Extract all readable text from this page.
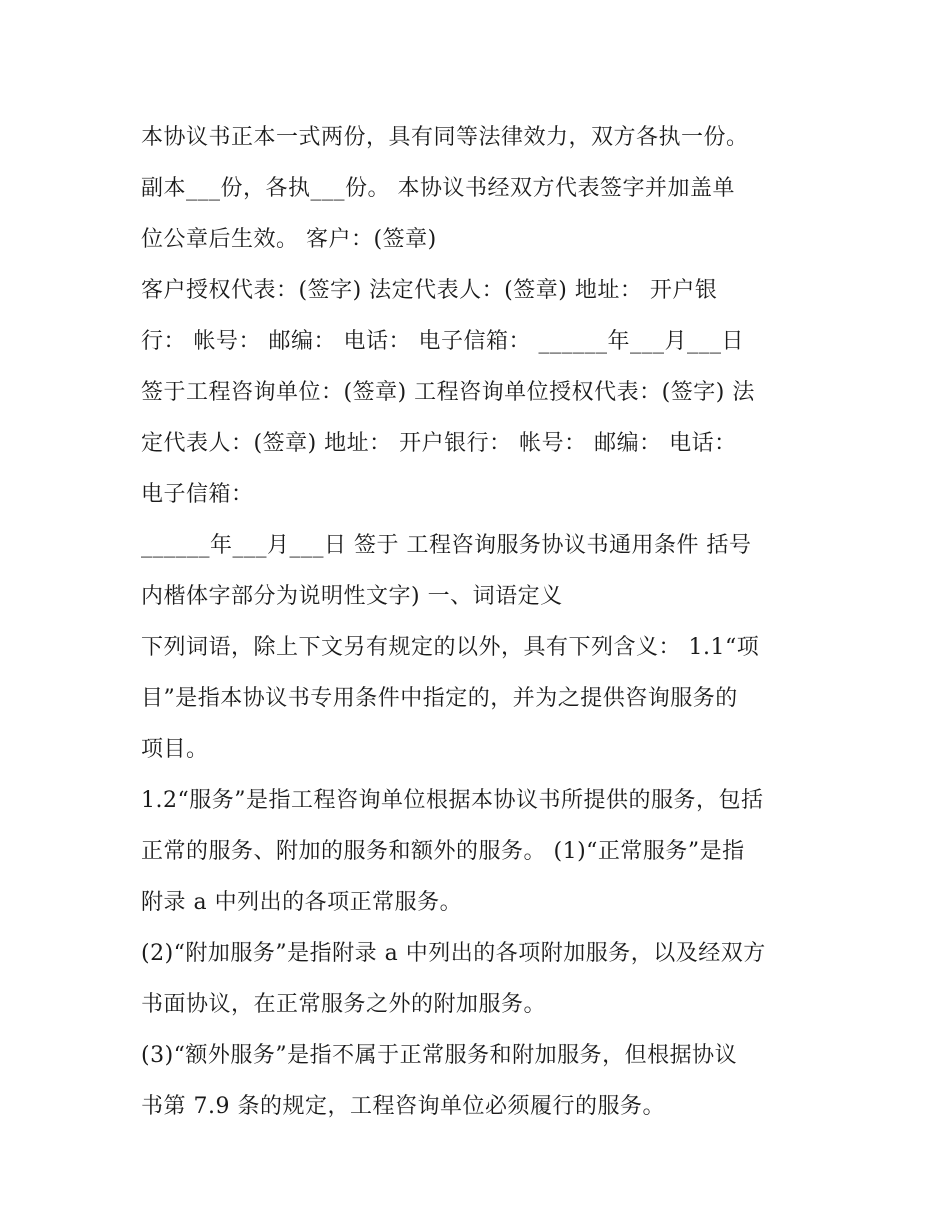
本协议书正本一式两份，具有同等法律效力，双方各执一份。
副本___份，各执___份。 本协议书经双方代表签字并加盖单
位公章后生效。 客户：(签章)
客户授权代表：(签字) 法定代表人：(签章) 地址： 开户银
行： 帐号： 邮编： 电话： 电子信箱： ______年___月___日
签于工程咨询单位：(签章) 工程咨询单位授权代表：(签字) 法
定代表人：(签章) 地址： 开户银行： 帐号： 邮编： 电话：
电子信箱：
______年___月___日 签于 工程咨询服务协议书通用条件 括号
内楷体字部分为说明性文字) 一、词语定义
下列词语，除上下文另有规定的以外，具有下列含义： 1.1“项
目”是指本协议书专用条件中指定的，并为之提供咨询服务的
项目。
1.2“服务”是指工程咨询单位根据本协议书所提供的服务，包括
正常的服务、附加的服务和额外的服务。 (1)“正常服务”是指
附录 a 中列出的各项正常服务。
(2)“附加服务”是指附录 a 中列出的各项附加服务，以及经双方
书面协议，在正常服务之外的附加服务。
(3)“额外服务”是指不属于正常服务和附加服务，但根据协议
书第 7.9 条的规定，工程咨询单位必须履行的服务。
